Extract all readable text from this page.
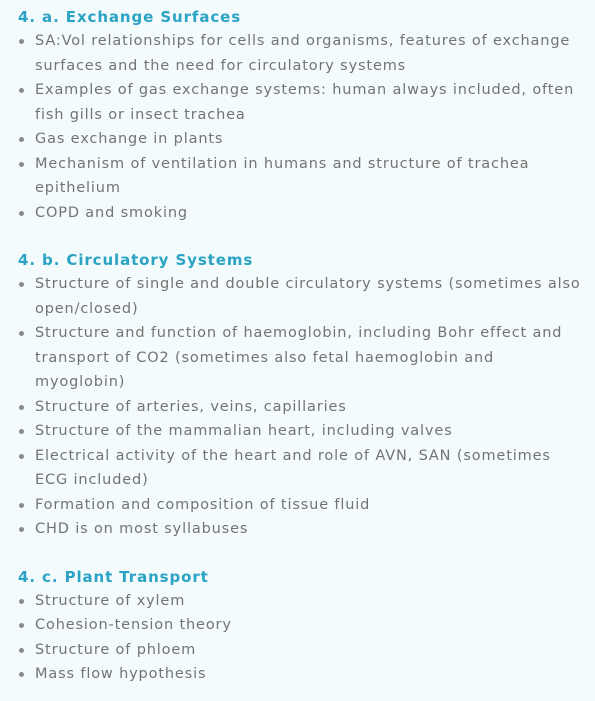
4. a. Exchange Surfaces
SA:Vol relationships for cells and organisms, features of exchange surfaces and the need for circulatory systems
Examples of gas exchange systems: human always included, often fish gills or insect trachea
Gas exchange in plants
Mechanism of ventilation in humans and structure of trachea epithelium
COPD and smoking
4. b. Circulatory Systems
Structure of single and double circulatory systems (sometimes also open/closed)
Structure and function of haemoglobin, including Bohr effect and transport of CO2 (sometimes also fetal haemoglobin and myoglobin)
Structure of arteries, veins, capillaries
Structure of the mammalian heart, including valves
Electrical activity of the heart and role of AVN, SAN (sometimes ECG included)
Formation and composition of tissue fluid
CHD is on most syllabuses
4. c. Plant Transport
Structure of xylem
Cohesion-tension theory
Structure of phloem
Mass flow hypothesis
